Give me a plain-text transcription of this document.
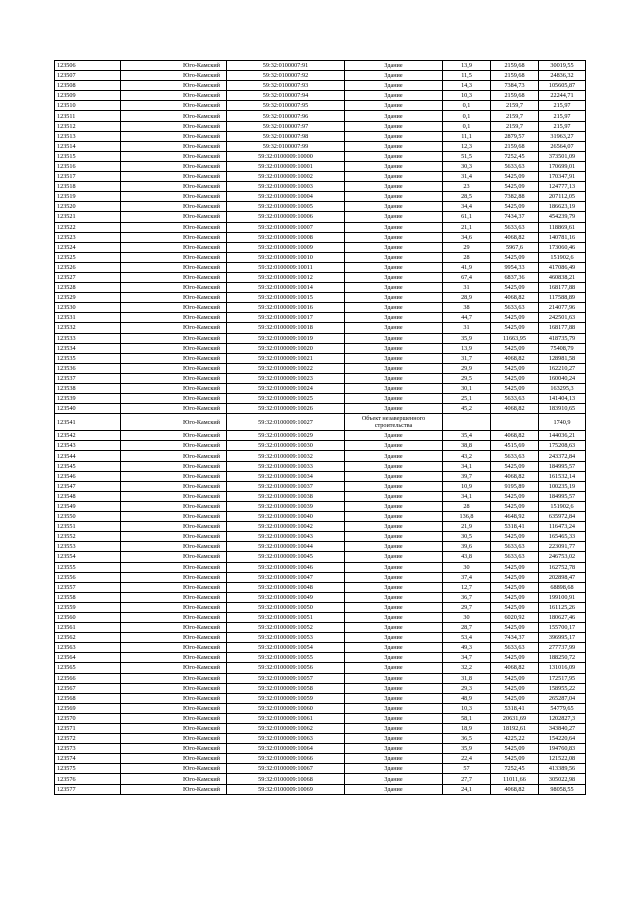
123506	Юго-Камский	59:32:0100007:91	Здание	13,9	2159,68	30019,55
123507	Юго-Камский	59:32:0100007:92	Здание	11,5	2159,68	24836,32
123508	Юго-Камский	59:32:0100007:93	Здание	14,3	7384,73	105605,87
123509	Юго-Камский	59:32:0100007:94	Здание	10,3	2159,68	22244,71
123510	Юго-Камский	59:32:0100007:95	Здание	0,1	2159,7	215,97
123511	Юго-Камский	59:32:0100007:96	Здание	0,1	2159,7	215,97
123512	Юго-Камский	59:32:0100007:97	Здание	0,1	2159,7	215,97
123513	Юго-Камский	59:32:0100007:98	Здание	11,1	2879,57	31963,27
123514	Юго-Камский	59:32:0100007:99	Здание	12,3	2159,68	26564,07
123515	Юго-Камский	59:32:0100009:10000	Здание	51,5	7252,45	373501,09
123516	Юго-Камский	59:32:0100009:10001	Здание	30,3	5633,63	170699,01
123517	Юго-Камский	59:32:0100009:10002	Здание	31,4	5425,09	170347,91
123518	Юго-Камский	59:32:0100009:10003	Здание	23	5425,09	124777,13
123519	Юго-Камский	59:32:0100009:10004	Здание	28,5	7382,88	207112,05
123520	Юго-Камский	59:32:0100009:10005	Здание	34,4	5425,09	186623,19
123521	Юго-Камский	59:32:0100009:10006	Здание	61,1	7434,37	454239,79
123522	Юго-Камский	59:32:0100009:10007	Здание	21,1	5633,63	118869,61
123523	Юго-Камский	59:32:0100009:10008	Здание	34,6	4068,82	140781,16
123524	Юго-Камский	59:32:0100009:10009	Здание	29	5967,6	173060,46
123525	Юго-Камский	59:32:0100009:10010	Здание	28	5425,09	151902,6
123526	Юго-Камский	59:32:0100009:10011	Здание	41,9	9954,33	417086,49
123527	Юго-Камский	59:32:0100009:10012	Здание	67,4	6837,36	460838,21
123528	Юго-Камский	59:32:0100009:10014	Здание	31	5425,09	168177,88
123529	Юго-Камский	59:32:0100009:10015	Здание	28,9	4068,82	117588,89
123530	Юго-Камский	59:32:0100009:10016	Здание	38	5633,63	214077,96
123531	Юго-Камский	59:32:0100009:10017	Здание	44,7	5425,09	242501,63
123532	Юго-Камский	59:32:0100009:10018	Здание	31	5425,09	168177,88
123533	Юго-Камский	59:32:0100009:10019	Здание	35,9	11663,95	418735,79
123534	Юго-Камский	59:32:0100009:10020	Здание	13,9	5425,09	75408,79
123535	Юго-Камский	59:32:0100009:10021	Здание	31,7	4068,82	128981,58
123536	Юго-Камский	59:32:0100009:10022	Здание	29,9	5425,09	162210,27
123537	Юго-Камский	59:32:0100009:10023	Здание	29,5	5425,09	160040,24
123538	Юго-Камский	59:32:0100009:10024	Здание	30,1	5425,09	163295,3
123539	Юго-Камский	59:32:0100009:10025	Здание	25,1	5633,63	141404,13
123540	Юго-Камский	59:32:0100009:10026	Здание	45,2	4068,82	183910,65
123541	Юго-Камский	59:32:0100009:10027	Объект незавершенного строительства			1740,9
123542	Юго-Камский	59:32:0100009:10029	Здание	35,4	4068,82	144036,21
123543	Юго-Камский	59:32:0100009:10030	Здание	38,8	4515,69	175208,63
123544	Юго-Камский	59:32:0100009:10032	Здание	43,2	5633,63	243372,84
123545	Юго-Камский	59:32:0100009:10033	Здание	34,1	5425,09	184995,57
123546	Юго-Камский	59:32:0100009:10034	Здание	39,7	4068,82	161532,14
123547	Юго-Камский	59:32:0100009:10037	Здание	10,9	9195,89	100235,19
123548	Юго-Камский	59:32:0100009:10038	Здание	34,1	5425,09	184995,57
123549	Юго-Камский	59:32:0100009:10039	Здание	28	5425,09	151902,6
123550	Юго-Камский	59:32:0100009:10040	Здание	136,8	4648,92	635972,84
123551	Юго-Камский	59:32:0100009:10042	Здание	21,9	5318,41	116473,24
123552	Юго-Камский	59:32:0100009:10043	Здание	30,5	5425,09	165465,33
123553	Юго-Камский	59:32:0100009:10044	Здание	39,6	5633,63	223091,77
123554	Юго-Камский	59:32:0100009:10045	Здание	43,8	5633,63	246753,02
123555	Юго-Камский	59:32:0100009:10046	Здание	30	5425,09	162752,78
123556	Юго-Камский	59:32:0100009:10047	Здание	37,4	5425,09	202898,47
123557	Юго-Камский	59:32:0100009:10048	Здание	12,7	5425,09	68898,68
123558	Юго-Камский	59:32:0100009:10049	Здание	36,7	5425,09	199100,91
123559	Юго-Камский	59:32:0100009:10050	Здание	29,7	5425,09	161125,26
123560	Юго-Камский	59:32:0100009:10051	Здание	30	6020,92	180627,46
123561	Юго-Камский	59:32:0100009:10052	Здание	28,7	5425,09	155700,17
123562	Юго-Камский	59:32:0100009:10053	Здание	53,4	7434,37	396995,17
123563	Юго-Камский	59:32:0100009:10054	Здание	49,3	5633,63	277737,99
123564	Юго-Камский	59:32:0100009:10055	Здание	34,7	5425,09	188250,72
123565	Юго-Камский	59:32:0100009:10056	Здание	32,2	4068,82	131016,09
123566	Юго-Камский	59:32:0100009:10057	Здание	31,8	5425,09	172517,95
123567	Юго-Камский	59:32:0100009:10058	Здание	29,3	5425,09	158955,22
123568	Юго-Камский	59:32:0100009:10059	Здание	48,9	5425,09	265287,04
123569	Юго-Камский	59:32:0100009:10060	Здание	10,3	5318,41	54779,65
123570	Юго-Камский	59:32:0100009:10061	Здание	58,1	20631,69	1202827,3
123571	Юго-Камский	59:32:0100009:10062	Здание	18,9	18192,61	343840,27
123572	Юго-Камский	59:32:0100009:10063	Здание	36,5	4225,22	154220,64
123573	Юго-Камский	59:32:0100009:10064	Здание	35,9	5425,09	194760,83
123574	Юго-Камский	59:32:0100009:10066	Здание	22,4	5425,09	121522,08
123575	Юго-Камский	59:32:0100009:10067	Здание	57	7252,45	413389,56
123576	Юго-Камский	59:32:0100009:10068	Здание	27,7	11011,66	305022,98
123577	Юго-Камский	59:32:0100009:10069	Здание	24,1	4068,82	98058,55
